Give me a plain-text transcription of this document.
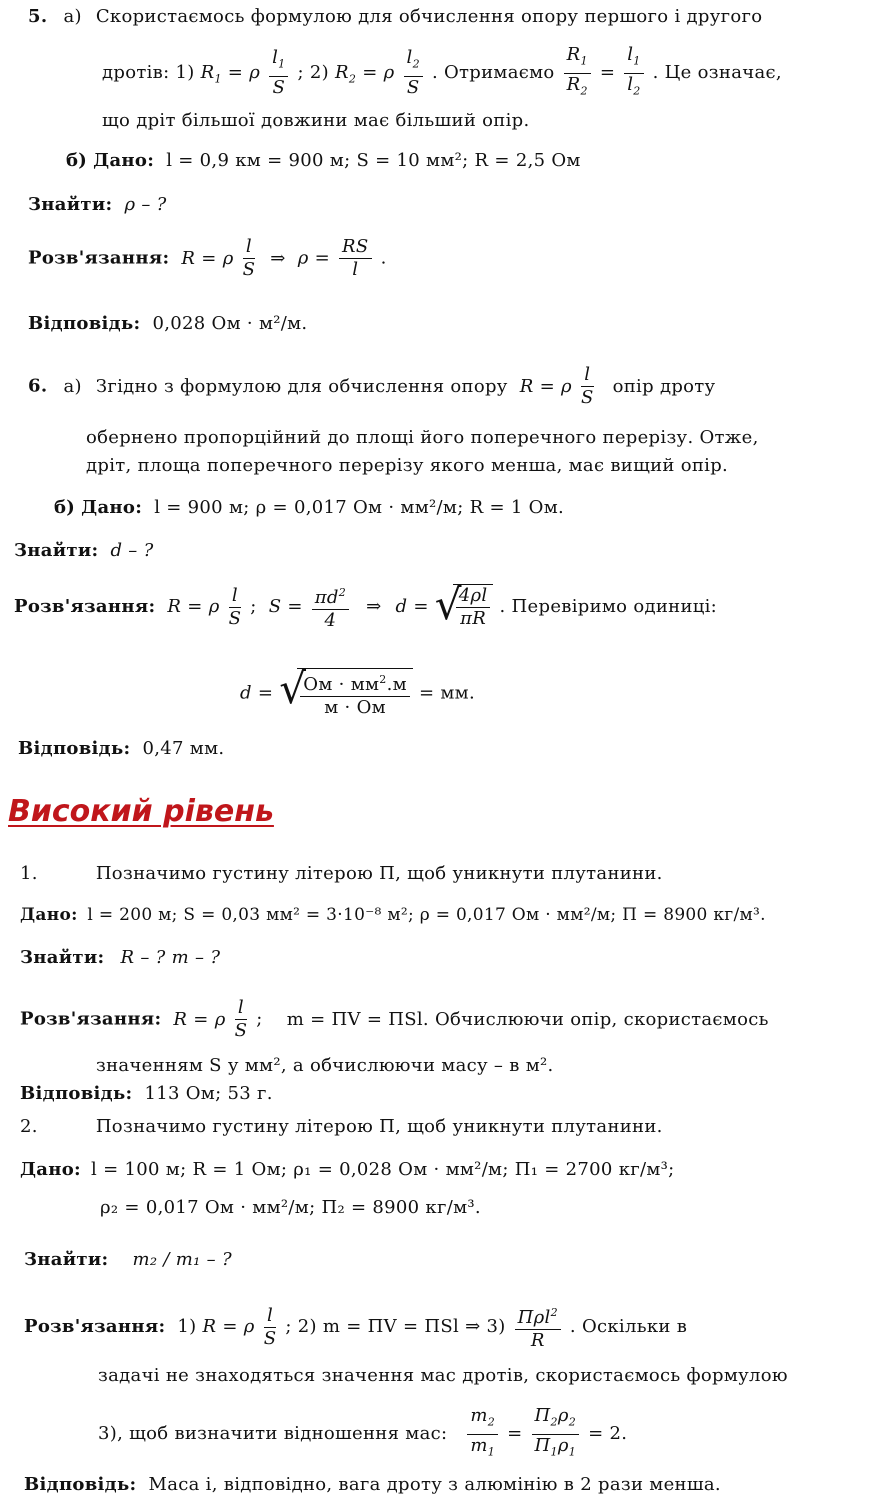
5. а) Скористаємось формулою для обчислення опору першого і другого
дротів: 1) $R_1 = \rho \frac{l_1}{S}$ ; 2) $R_2 = \rho \frac{l_2}{S}$ . Отримаємо $\frac{R_1}{R_2} = \frac{l_1}{l_2}$ . Це означає,
що дріт більшої довжини має більший опір.
б) Дано: l = 0,9 км = 900 м; S = 10 мм²; R = 2,5 Ом
Знайти: ρ – ?
Розв'язання: R = ρ $\frac{l}{S}$ ⇒ $\rho = \frac{RS}{l}$ .
Відповідь: 0,028 Ом · м²/м.
6. а) Згідно з формулою для обчислення опору R = ρ $\frac{l}{S}$ опір дроту
обернено пропорційний до площі його поперечного перерізу. Отже,
дріт, площа поперечного перерізу якого менша, має вищий опір.
б) Дано: l = 900 м; ρ = 0,017 Ом · мм²/м; R = 1 Ом.
Знайти: d – ?
Розв'язання: R = ρ $\frac{l}{S}$ ; $S = \frac{\pi d^2}{4}$ ⇒ d = √
$\frac{4\rho l}{\pi R}$ . Перевіримо одиниці:
d = √
Ом · $мм^2.м$
м · Ом
= мм.
Відповідь: 0,47 мм.
Високий рівень
1.	Позначимо густину літерою П, щоб уникнути плутанини.
Дано: l = 200 м; S = 0,03 мм² = 3·10⁻⁸ м²; ρ = 0,017 Ом · мм²/м; П = 8900 кг/м³.
Знайти: R – ? m – ?
Розв'язання: R = ρ $\frac{l}{S}$ ; m = ПV = ПSl. Обчислюючи опір, скористаємось
значенням S у мм², а обчислюючи масу – в м².
Відповідь: 113 Ом; 53 г.
2.	Позначимо густину літерою П, щоб уникнути плутанини.
Дано: l = 100 м; R = 1 Ом; ρ₁ = 0,028 Ом · мм²/м; П₁ = 2700 кг/м³;
ρ₂ = 0,017 Ом · мм²/м; П₂ = 8900 кг/м³.
Знайти: m₂ / m₁ – ?
Розв'язання: 1) R = ρ $\frac{l}{S}$ ; 2) m = ПV = ПSl ⇒ 3) Пρl$^2$
R
. Оскільки в
задачі не знаходяться значення мас дротів, скористаємось формулою
3), щоб визначити відношення мас: $\frac{m_2}{m_1}$ =
$П_2\rho_2$
$П_1\rho_1$
= 2.
Відповідь: Маса і, відповідно, вага дроту з алюмінію в 2 рази менша.
